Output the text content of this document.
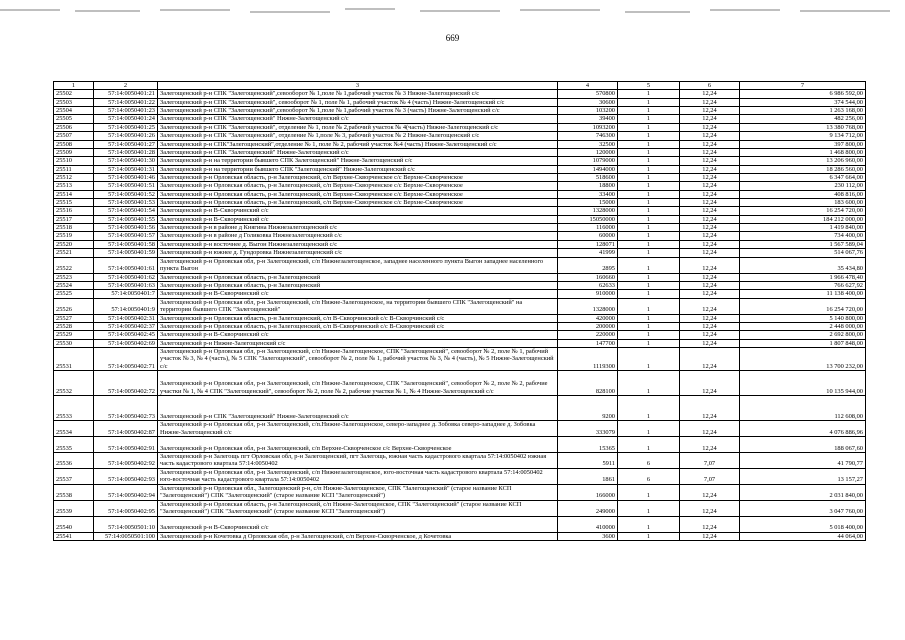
669
1	2	3	4	5	6	7
25502	57:14:0050401:21	Залегощенский р-н СПК "Залегощенский",севооборот № 1,поле № 1,рабочий участок № 3 Нижне-Залегощенский с/с	570800	1	12,24	6 986 592,00
25503	57:14:0050401:22	Залегощенский р-н СПК "Залегощенский", севооборот № 1, поле № 1, рабочий участок № 4 (часть) Нижне-Залегощенский с/с	30600	1	12,24	374 544,00
25504	57:14:0050401:23	Залегощенский р-н СПК "Залегощенский",севооборот № 1,поле № 1,рабочий участок № 3 (часть) Нижне-Залегощенский с/с	103200	1	12,24	1 263 168,00
25505	57:14:0050401:24	Залегощенский р-н СПК "Залегощенский" Нижне-Залегощенский с/с	39400	1	12,24	482 256,00
25506	57:14:0050401:25	Залегощенский р-н СПК "Залегощенский", отделение № 1, поле № 2,рабочий участок № 4(часть) Нижне-Залегощенский с/с	1093200	1	12,24	13 380 768,00
25507	57:14:0050401:26	Залегощенский р-н СПК "Залегощенский", отделение № 1,поле № 3, рабочий участок № 2 Нижне-Залегощенский с/с	746300	1	12,24	9 134 712,00
25508	57:14:0050401:27	Залегощенский р-н СПК"Залегощенский",отделение № 1, поле № 2, рабочий участок №4 (часть) Нижне-Залегощенский с/с	32500	1	12,24	397 800,00
25509	57:14:0050401:28	Залегощенский р-н СПК "Залегощенский" Нижне-Залегощенский с/с	120000	1	12,24	1 468 800,00
25510	57:14:0050401:30	Залегощенский р-н на территории бывшего СПК Залегощенский" Нижне-Залегощенский с/с	1079000	1	12,24	13 206 960,00
25511	57:14:0050401:31	Залегощенский р-н на территории бывшего СПК "Залегощенский" Нижне-Залегощенский с/с	1494000	1	12,24	18 286 560,00
25512	57:14:0050401:46	Залегощенский р-н Орловская область, р-н Залегощенский, с/п Верхне-Скворченское с/с Верхне-Скворченское	518600	1	12,24	6 347 664,00
25513	57:14:0050401:51	Залегощенский р-н Орловская область, р-н Залегощенский, с/п Верхне-Скворченское с/с Верхне-Скворченское	18800	1	12,24	230 112,00
25514	57:14:0050401:52	Залегощенский р-н Орловская область, р-н Залегощенский, с/п Верхне-Скворченское с/с Верхне-Скворченское	33400	1	12,24	408 816,00
25515	57:14:0050401:53	Залегощенский р-н Орловская область, р-н Залегощенский, с/п Верхне-Скворченское с/с Верхне-Скворченское	15000	1	12,24	183 600,00
25516	57:14:0050401:54	Залегощенский р-н В-Скворчинский с/с	1328000	1	12,24	16 254 720,00
25517	57:14:0050401:55	Залегощенский р-н В-Скворчинский с/с	15050000	1	12,24	184 212 000,00
25518	57:14:0050401:56	Залегощенский р-н в районе д Княгина Нижнезалегощенский с/с	116000	1	12,24	1 419 840,00
25519	57:14:0050401:57	Залегощенский р-н в районе д Голиковка Нижнезалегощенский с/с	60000	1	12,24	734 400,00
25520	57:14:0050401:58	Залегощенский р-н восточнее д. Выгон Нижнезалегощенский с/с	128071	1	12,24	1 567 589,04
25521	57:14:0050401:59	Залегощенский р-н южнее д. Гундоровка Нижнезалегощенский с/с	41999	1	12,24	514 067,76
25522	57:14:0050401:61	Залегощенский р-н Орловская обл, р-н Залегощенский, с/п Нижнезалегощенское, западнее населенного пункта Выгон западнее населенного пункта Выгон	2895	1	12,24	35 434,80
25523	57:14:0050401:62	Залегощенский р-н Орловская область, р-н Залегощенский	160660	1	12,24	1 966 478,40
25524	57:14:0050401:63	Залегощенский р-н Орловская область, р-н Залегощенский	62633	1	12,24	766 627,92
25525	57:14:0050401:7	Залегощенский р-н В-Скворчинский с/с	910000	1	12,24	11 138 400,00
25526	57:14:0050401:9	Залегощенский р-н Орловская обл, р-н Залегощенский, с/п Нижне-Залегощенское, на территории бывшего СПК "Залегощенский" на территории бывшего СПК "Залегощенский"	1328000	1	12,24	16 254 720,00
25527	57:14:0050402:31	Залегощенский р-н Орловская область, р-н Залегощенский, с/п В-Скворчинский с/с В-Скворчинский с/с	420000	1	12,24	5 140 800,00
25528	57:14:0050402:37	Залегощенский р-н Орловская область, р-н Залегощенский, с/п В-Скворчинский с/с В-Скворчинский с/с	200000	1	12,24	2 448 000,00
25529	57:14:0050402:45	Залегощенский р-н В-Скворчинский с/с	220000	1	12,24	2 692 800,00
25530	57:14:0050402:69	Залегощенский р-н Нижне-Залегощенский с/с	147700	1	12,24	1 807 848,00
25531	57:14:0050402:71	Залегощенский р-н Орловская обл, р-н Залегощенский, с/п Нижне-Залегощенское, СПК "Залегощенский", севооборот № 2, поле № 1, рабочий участок № 3, № 4 (часть), № 5 СПК "Залегощенский", севооборот № 2, поле № 1, рабочий участок № 3, № 4 (часть), № 5 Нижне-Залегощенский с/с	1119300	1	12,24	13 700 232,00
25532	57:14:0050402:72	Залегощенский р-н Орловская обл, р-н Залегощенский, с/п Нижне-Залегощенское, СПК "Залегощенский", севооборот № 2, поле № 2, рабочие участки № 1, № 4 СПК "Залегощенский", севооборот № 2, поле № 2, рабочие участки № 1, № 4 Нижне-Залегощенский с/с	828100	1	12,24	10 135 944,00
25533	57:14:0050402:73	Залегощенский р-н СПК "Залегощенский" Нижне-Залегощенский с/с	9200	1	12,24	112 608,00
25534	57:14:0050402:87	Залегощенский р-н Орловская обл, р-н Залегощенский, с/п.Нижне-Залегощенское, северо-западнее д. Зобовка северо-западнее д. Зобовка Нижне-Залегощенский с/с	333079	1	12,24	4 076 886,96
25535	57:14:0050402:91	Залегощенский р-н Орловская обл, р-н Залегощенский, с/п Верхне-Скворченское с/с Верхне-Скворченское	15365	1	12,24	188 067,60
25536	57:14:0050402:92	Залегощенский р-н Залегощь пгт Орловская обл, р-н Залегощенский, пгт Залегощь, южная часть кадастрового квартала 57:14:0050402 южная часть кадастрового квартала 57:14:0050402	5911	6	7,07	41 790,77
25537	57:14:0050402:93	Залегощенский р-н Орловская обл, р-н Залегощенский, с/п Нижнезалегощенское, юго-восточная часть кадастрового квартала 57:14:0050402 юго-восточная часть кадастрового квартала 57:14:0050402	1861	6	7,07	13 157,27
25538	57:14:0050402:94	Залегощенский р-н Орловская обл., Залегощенский р-н, с/п Нижне-Залегощенское, СПК "Залегощенский" (старое название КСП "Залегощенский") СПК "Залегощенский" (старое название КСП "Залегощенский")	166000	1	12,24	2 031 840,00
25539	57:14:0050402:95	Залегощенский р-н Орловская область, р-н Залегощенский, с/п Нижне-Залегощенское, СПК "Залегощенский" (старое название КСП "Залегощенский") СПК "Залегощенский" (старое название КСП "Залегощенский")	249000	1	12,24	3 047 760,00
25540	57:14:0050501:10	Залегощенский р-н В-Скворчинский с/с	410000	1	12,24	5 018 400,00
25541	57:14:0050501:100	Залегощенский р-н Кочетовка д Орловская обл, р-н Залегощенский, с/п Верхне-Скворченское, д Кочетовка	3600	1	12,24	44 064,00
